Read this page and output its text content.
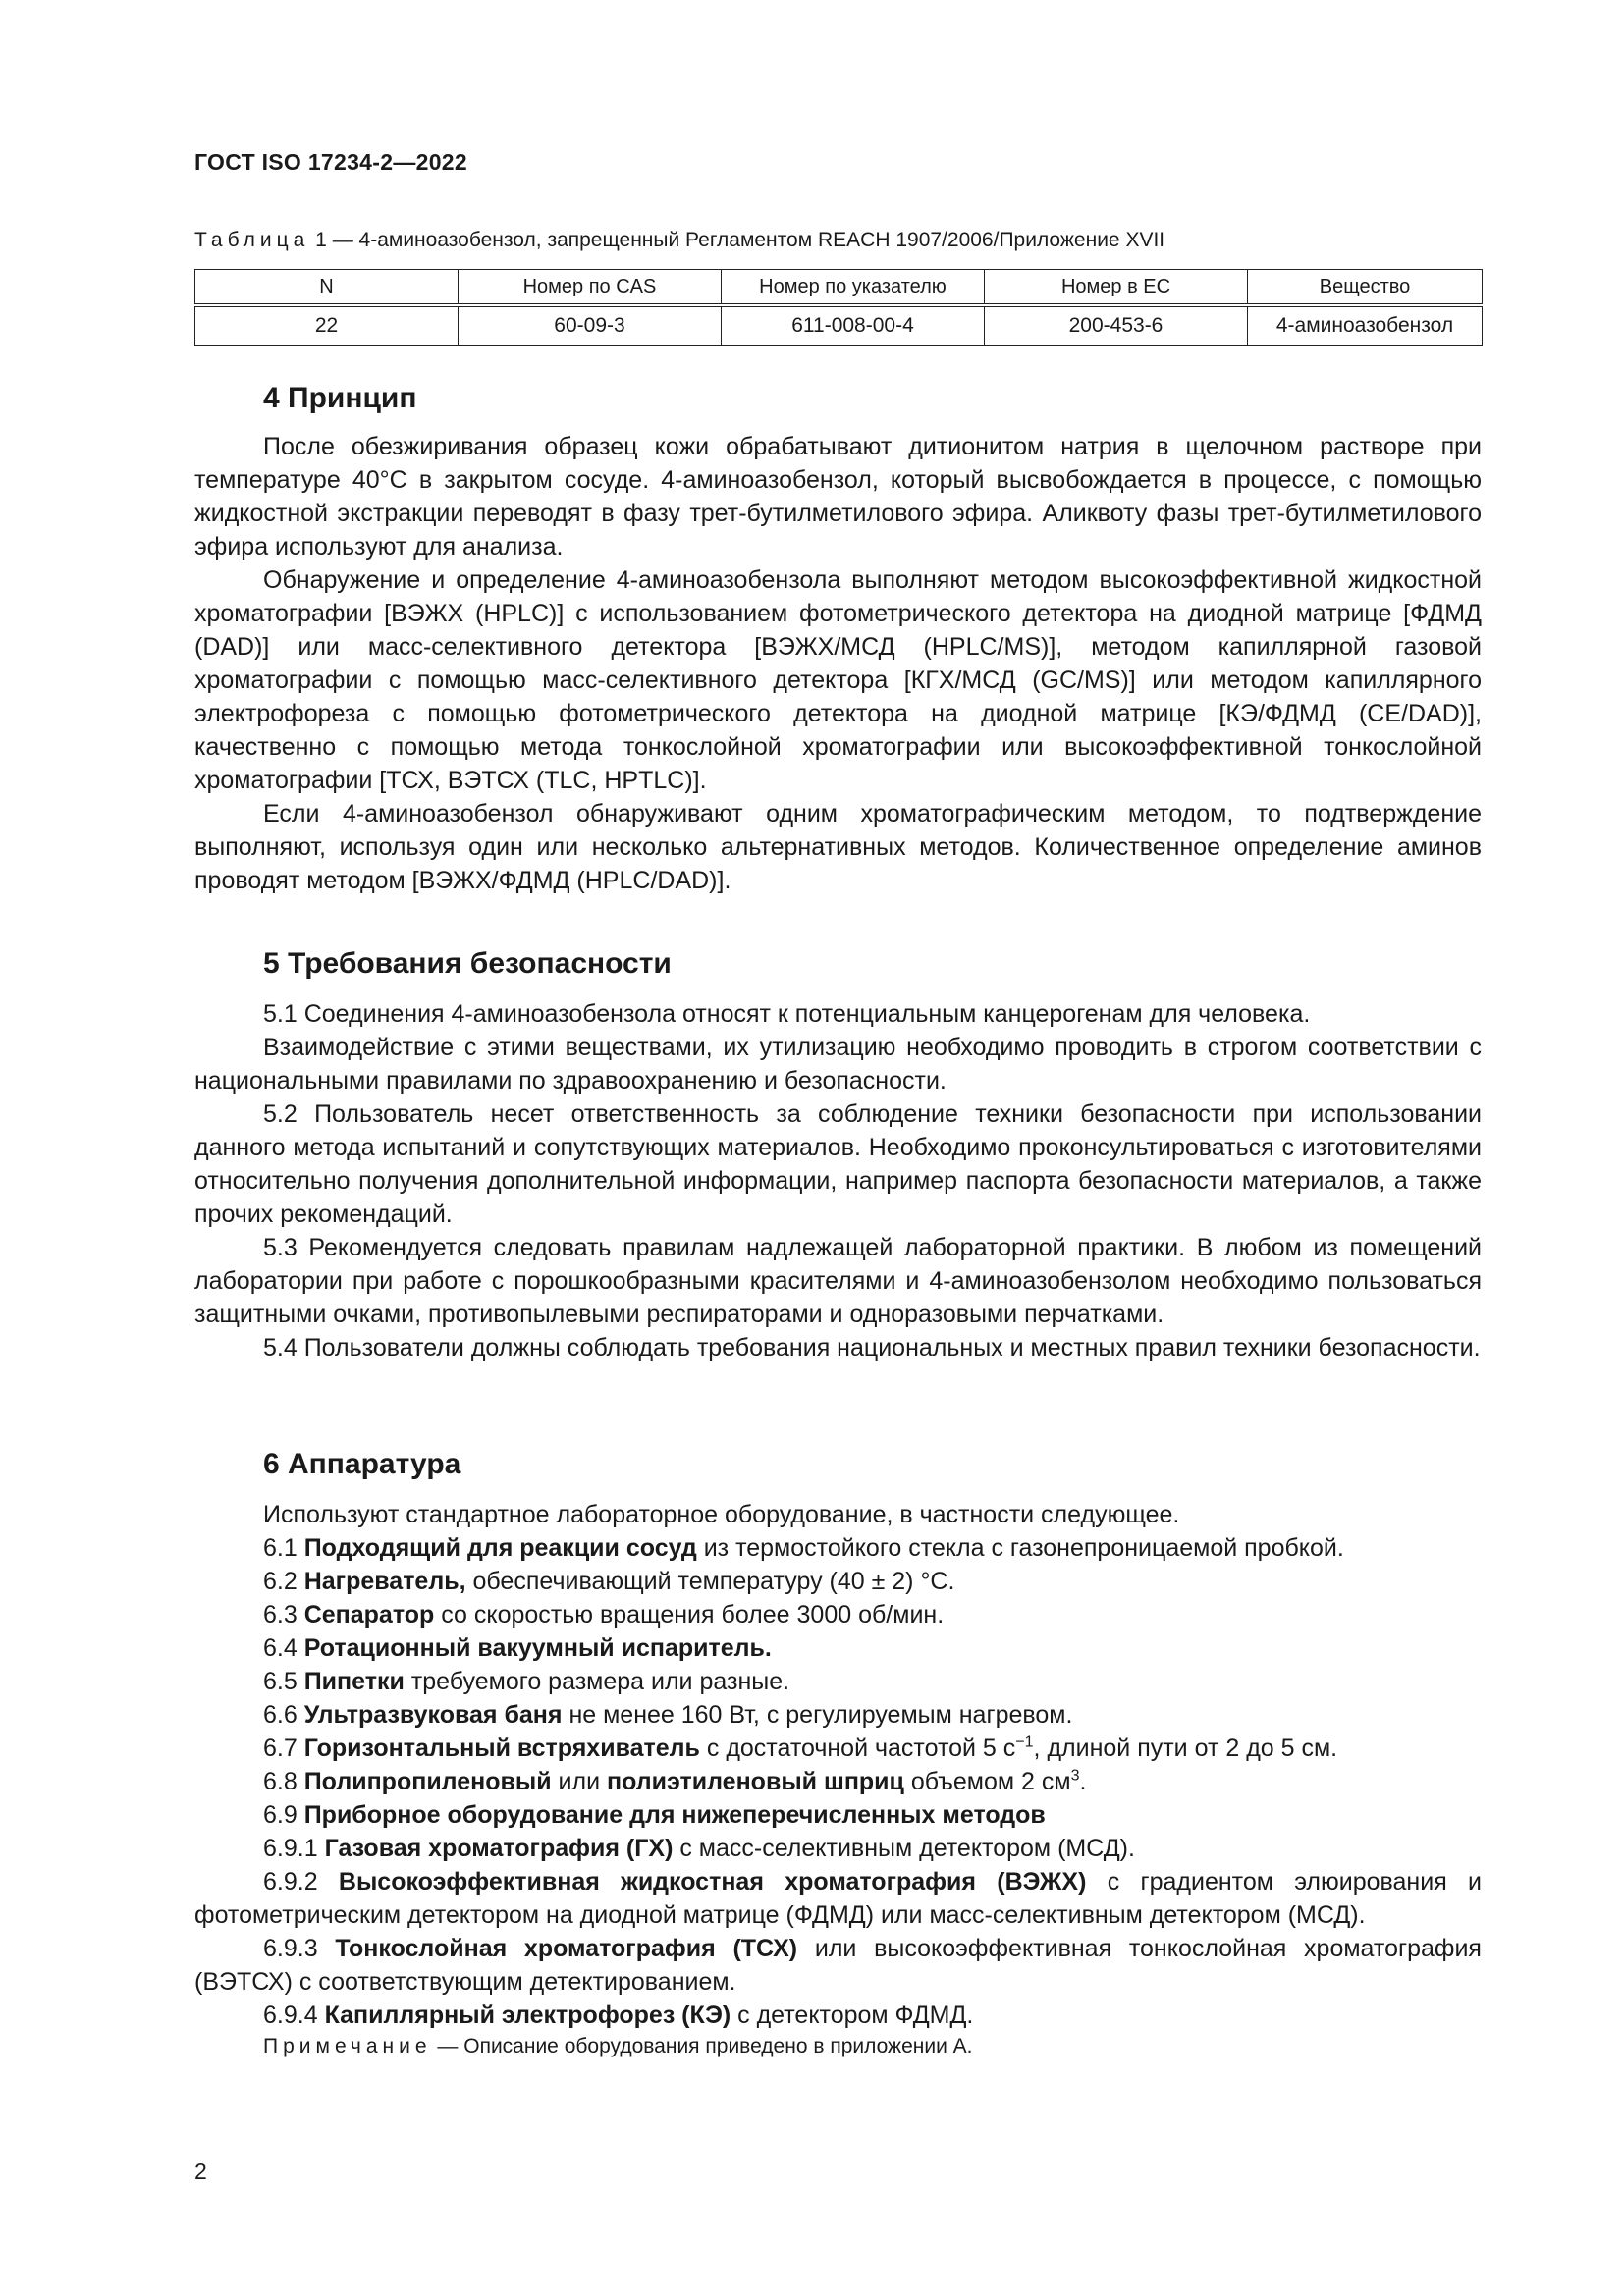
ГОСТ ISO 17234-2—2022
Таблица 1 — 4-аминоазобензол, запрещенный Регламентом REACH 1907/2006/Приложение XVII
N	Номер по CAS	Номер по указателю	Номер в ЕС	Вещество
22	60-09-3	611-008-00-4	200-453-6	4-аминоазобензол
4 Принцип

После обезжиривания образец кожи обрабатывают дитионитом натрия в щелочном растворе при температуре 40°С в закрытом сосуде. 4-аминоазобензол, который высвобождается в процессе, с помощью жидкостной экстракции переводят в фазу трет-бутилметилового эфира. Аликвоту фазы трет-бутилметилового эфира используют для анализа.

Обнаружение и определение 4-аминоазобензола выполняют методом высокоэффективной жидкостной хроматографии [ВЭЖХ (HPLC)] с использованием фотометрического детектора на диодной матрице [ФДМД (DAD)] или масс-селективного детектора [ВЭЖХ/МСД (HPLC/MS)], методом капиллярной газовой хроматографии с помощью масс-селективного детектора [КГХ/МСД (GC/MS)] или методом капиллярного электрофореза с помощью фотометрического детектора на диодной матрице [КЭ/ФДМД (CE/DAD)], качественно с помощью метода тонкослойной хроматографии или высокоэффективной тонкослойной хроматографии [ТСХ, ВЭТСХ (TLC, HPTLC)].

Если 4-аминоазобензол обнаруживают одним хроматографическим методом, то подтверждение выполняют, используя один или несколько альтернативных методов. Количественное определение аминов проводят методом [ВЭЖХ/ФДМД (HPLC/DAD)].

5 Требования безопасности

5.1 Соединения 4-аминоазобензола относят к потенциальным канцерогенам для человека.

Взаимодействие с этими веществами, их утилизацию необходимо проводить в строгом соответствии с национальными правилами по здравоохранению и безопасности.

5.2 Пользователь несет ответственность за соблюдение техники безопасности при использовании данного метода испытаний и сопутствующих материалов. Необходимо проконсультироваться с изготовителями относительно получения дополнительной информации, например паспорта безопасности материалов, а также прочих рекомендаций.

5.3 Рекомендуется следовать правилам надлежащей лабораторной практики. В любом из помещений лаборатории при работе с порошкообразными красителями и 4-аминоазобензолом необходимо пользоваться защитными очками, противопылевыми респираторами и одноразовыми перчатками.

5.4 Пользователи должны соблюдать требования национальных и местных правил техники безопасности.

6 Аппаратура

Используют стандартное лабораторное оборудование, в частности следующее.

6.1 Подходящий для реакции сосуд из термостойкого стекла с газонепроницаемой пробкой.

6.2 Нагреватель, обеспечивающий температуру (40 ± 2) °С.

6.3 Сепаратор со скоростью вращения более 3000 об/мин.

6.4 Ротационный вакуумный испаритель.

6.5 Пипетки требуемого размера или разные.

6.6 Ультразвуковая баня не менее 160 Вт, с регулируемым нагревом.

6.7 Горизонтальный встряхиватель с достаточной частотой 5 $с^{-1}$, длиной пути от 2 до 5 см.

6.8 Полипропиленовый или полиэтиленовый шприц объемом 2 $см^3$.

6.9 Приборное оборудование для нижеперечисленных методов

6.9.1 Газовая хроматография (ГХ) с масс-селективным детектором (МСД).

6.9.2 Высокоэффективная жидкостная хроматография (ВЭЖХ) с градиентом элюирования и фотометрическим детектором на диодной матрице (ФДМД) или масс-селективным детектором (МСД).

6.9.3 Тонкослойная хроматография (ТСХ) или высокоэффективная тонкослойная хроматография (ВЭТСХ) с соответствующим детектированием.

6.9.4 Капиллярный электрофорез (КЭ) с детектором ФДМД.

Примечание — Описание оборудования приведено в приложении А.

2
